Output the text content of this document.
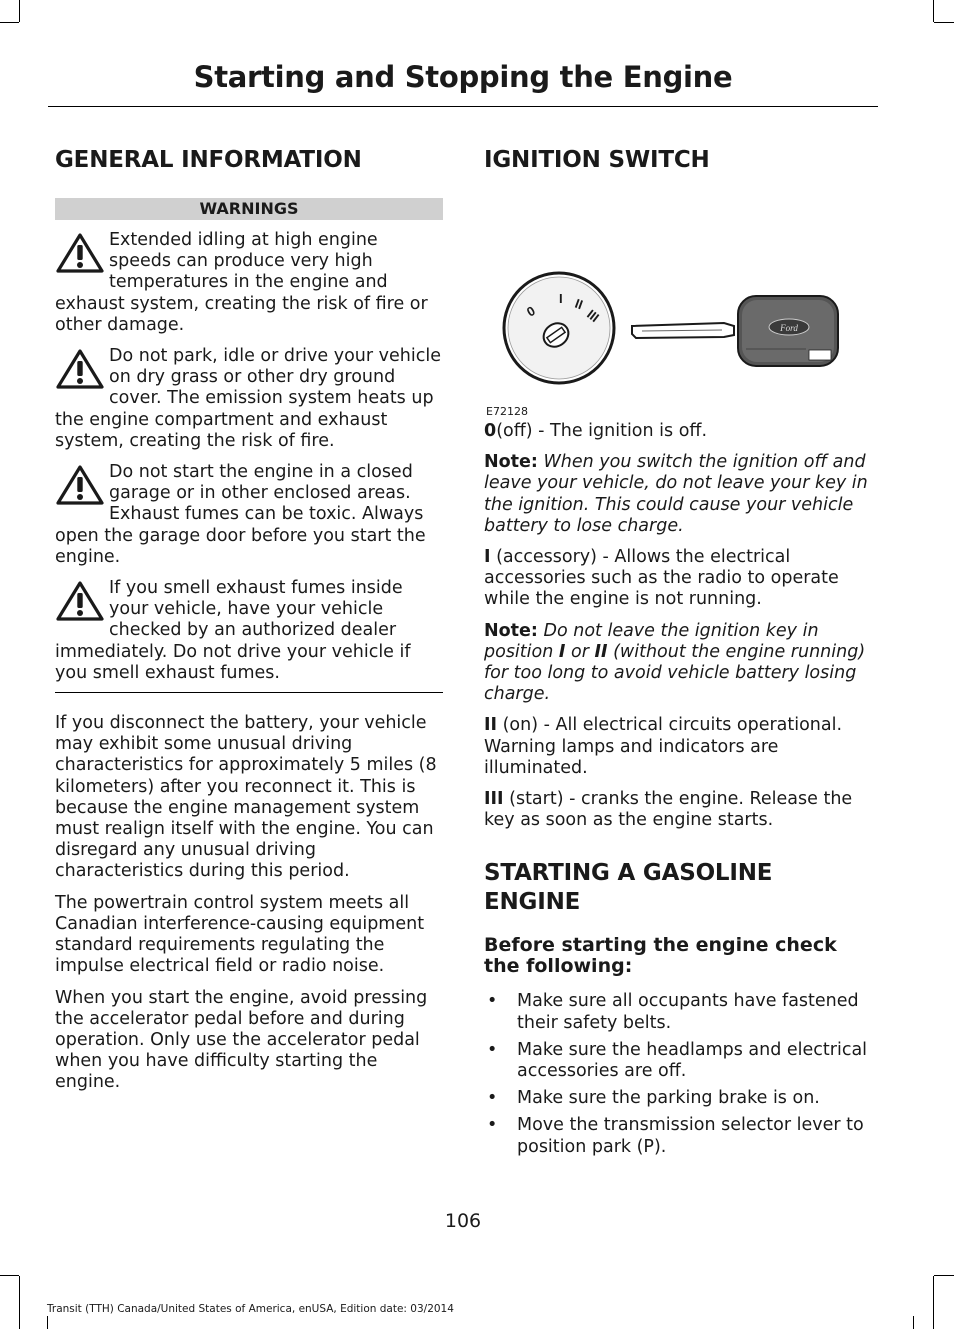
Starting and Stopping the Engine
GENERAL INFORMATION
WARNINGS

Extended idling at high engine speeds can produce very high temperatures in the engine and exhaust system, creating the risk of fire or other damage.

Do not park, idle or drive your vehicle on dry grass or other dry ground cover. The emission system heats up the engine compartment and exhaust system, creating the risk of fire.

Do not start the engine in a closed garage or in other enclosed areas. Exhaust fumes can be toxic. Always open the garage door before you start the engine.

If you smell exhaust fumes inside your vehicle, have your vehicle checked by an authorized dealer immediately. Do not drive your vehicle if you smell exhaust fumes.

If you disconnect the battery, your vehicle may exhibit some unusual driving characteristics for approximately 5 miles (8 kilometers) after you reconnect it. This is because the engine management system must realign itself with the engine. You can disregard any unusual driving characteristics during this period.

The powertrain control system meets all Canadian interference-causing equipment standard requirements regulating the impulse electrical field or radio noise.

When you start the engine, avoid pressing the accelerator pedal before and during operation. Only use the accelerator pedal when you have difficulty starting the engine.

IGNITION SWITCH
0
I II
III
Ford
E72128

0(off) - The ignition is off.

Note: When you switch the ignition off and leave your vehicle, do not leave your key in the ignition. This could cause your vehicle battery to lose charge.

I (accessory) - Allows the electrical accessories such as the radio to operate while the engine is not running.

Note: Do not leave the ignition key in position I or II (without the engine running) for too long to avoid vehicle battery losing charge.

II (on) - All electrical circuits operational. Warning lamps and indicators are illuminated.

III (start) - cranks the engine. Release the key as soon as the engine starts.

STARTING A GASOLINE ENGINE
Before starting the engine check the following:
• Make sure all occupants have fastened their safety belts.
• Make sure the headlamps and electrical accessories are off.
• Make sure the parking brake is on.
• Move the transmission selector lever to position park (P).
106
Transit (TTH) Canada/United States of America, enUSA, Edition date: 03/2014
